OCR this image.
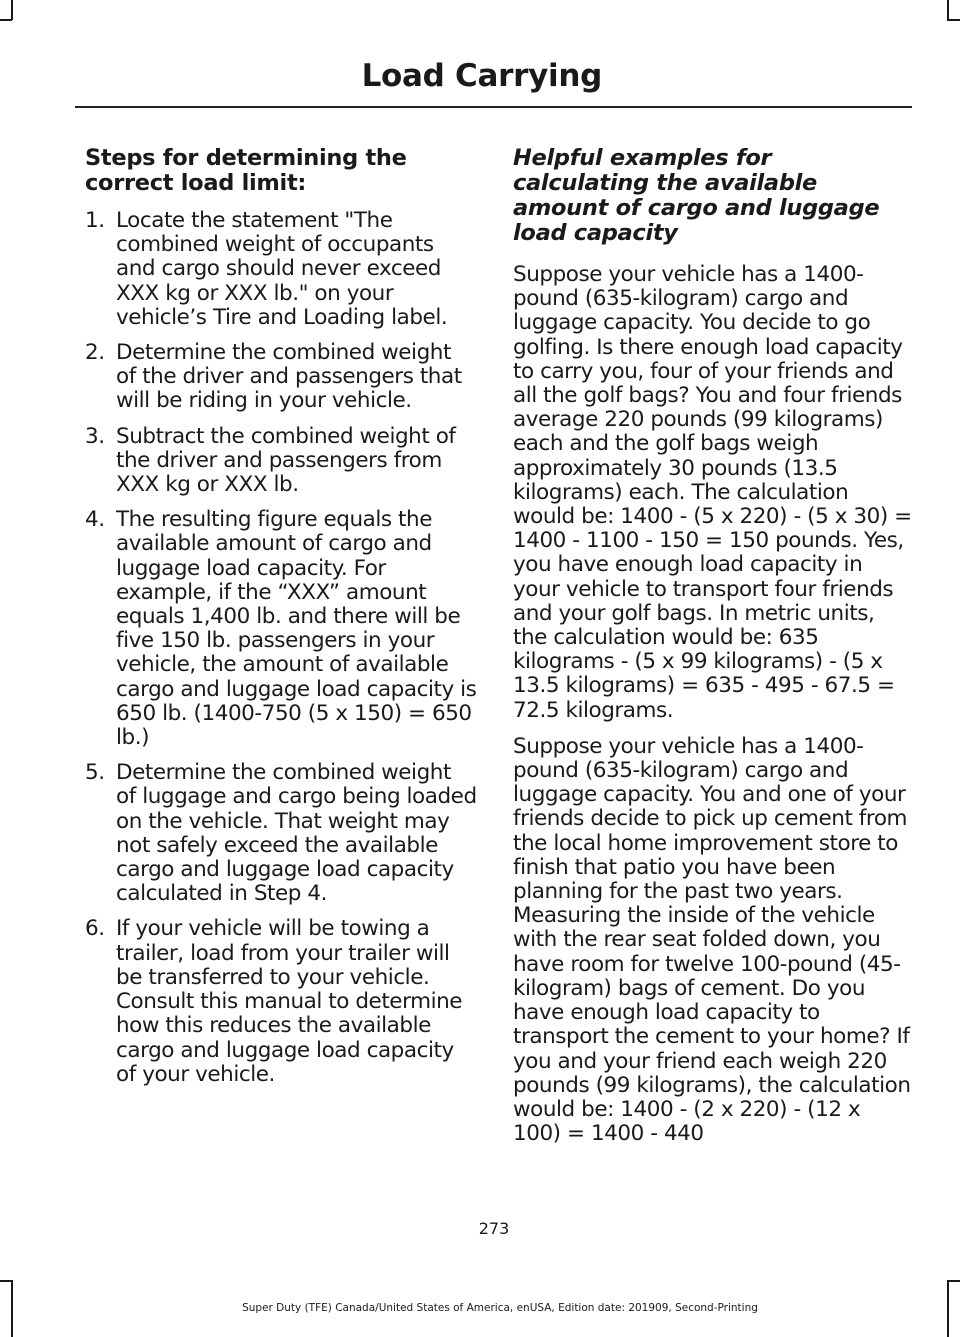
Load Carrying
Steps for determining the correct load limit:
1. Locate the statement "The combined weight of occupants and cargo should never exceed XXX kg or XXX lb." on your vehicle’s Tire and Loading label.
2. Determine the combined weight of the driver and passengers that will be riding in your vehicle.
3. Subtract the combined weight of the driver and passengers from XXX kg or XXX lb.
4. The resulting figure equals the available amount of cargo and luggage load capacity. For example, if the “XXX” amount equals 1,400 lb. and there will be five 150 lb. passengers in your vehicle, the amount of available cargo and luggage load capacity is 650 lb. (1400-750 (5 x 150) = 650 lb.)
5. Determine the combined weight of luggage and cargo being loaded on the vehicle. That weight may not safely exceed the available cargo and luggage load capacity calculated in Step 4.
6. If your vehicle will be towing a trailer, load from your trailer will be transferred to your vehicle. Consult this manual to determine how this reduces the available cargo and luggage load capacity of your vehicle.
Helpful examples for calculating the available amount of cargo and luggage load capacity

Suppose your vehicle has a 1400-pound (635-kilogram) cargo and luggage capacity. You decide to go golfing. Is there enough load capacity to carry you, four of your friends and all the golf bags? You and four friends average 220 pounds (99 kilograms) each and the golf bags weigh approximately 30 pounds (13.5 kilograms) each. The calculation would be: 1400 - (5 x 220) - (5 x 30) = 1400 - 1100 - 150 = 150 pounds. Yes, you have enough load capacity in your vehicle to transport four friends and your golf bags. In metric units, the calculation would be: 635 kilograms - (5 x 99 kilograms) - (5 x 13.5 kilograms) = 635 - 495 - 67.5 = 72.5 kilograms.

Suppose your vehicle has a 1400-pound (635-kilogram) cargo and luggage capacity. You and one of your friends decide to pick up cement from the local home improvement store to finish that patio you have been planning for the past two years. Measuring the inside of the vehicle with the rear seat folded down, you have room for twelve 100-pound (45-kilogram) bags of cement. Do you have enough load capacity to transport the cement to your home? If you and your friend each weigh 220 pounds (99 kilograms), the calculation would be: 1400 - (2 x 220) - (12 x 100) = 1400 - 440

273
Super Duty (TFE) Canada/United States of America, enUSA, Edition date: 201909, Second-Printing
